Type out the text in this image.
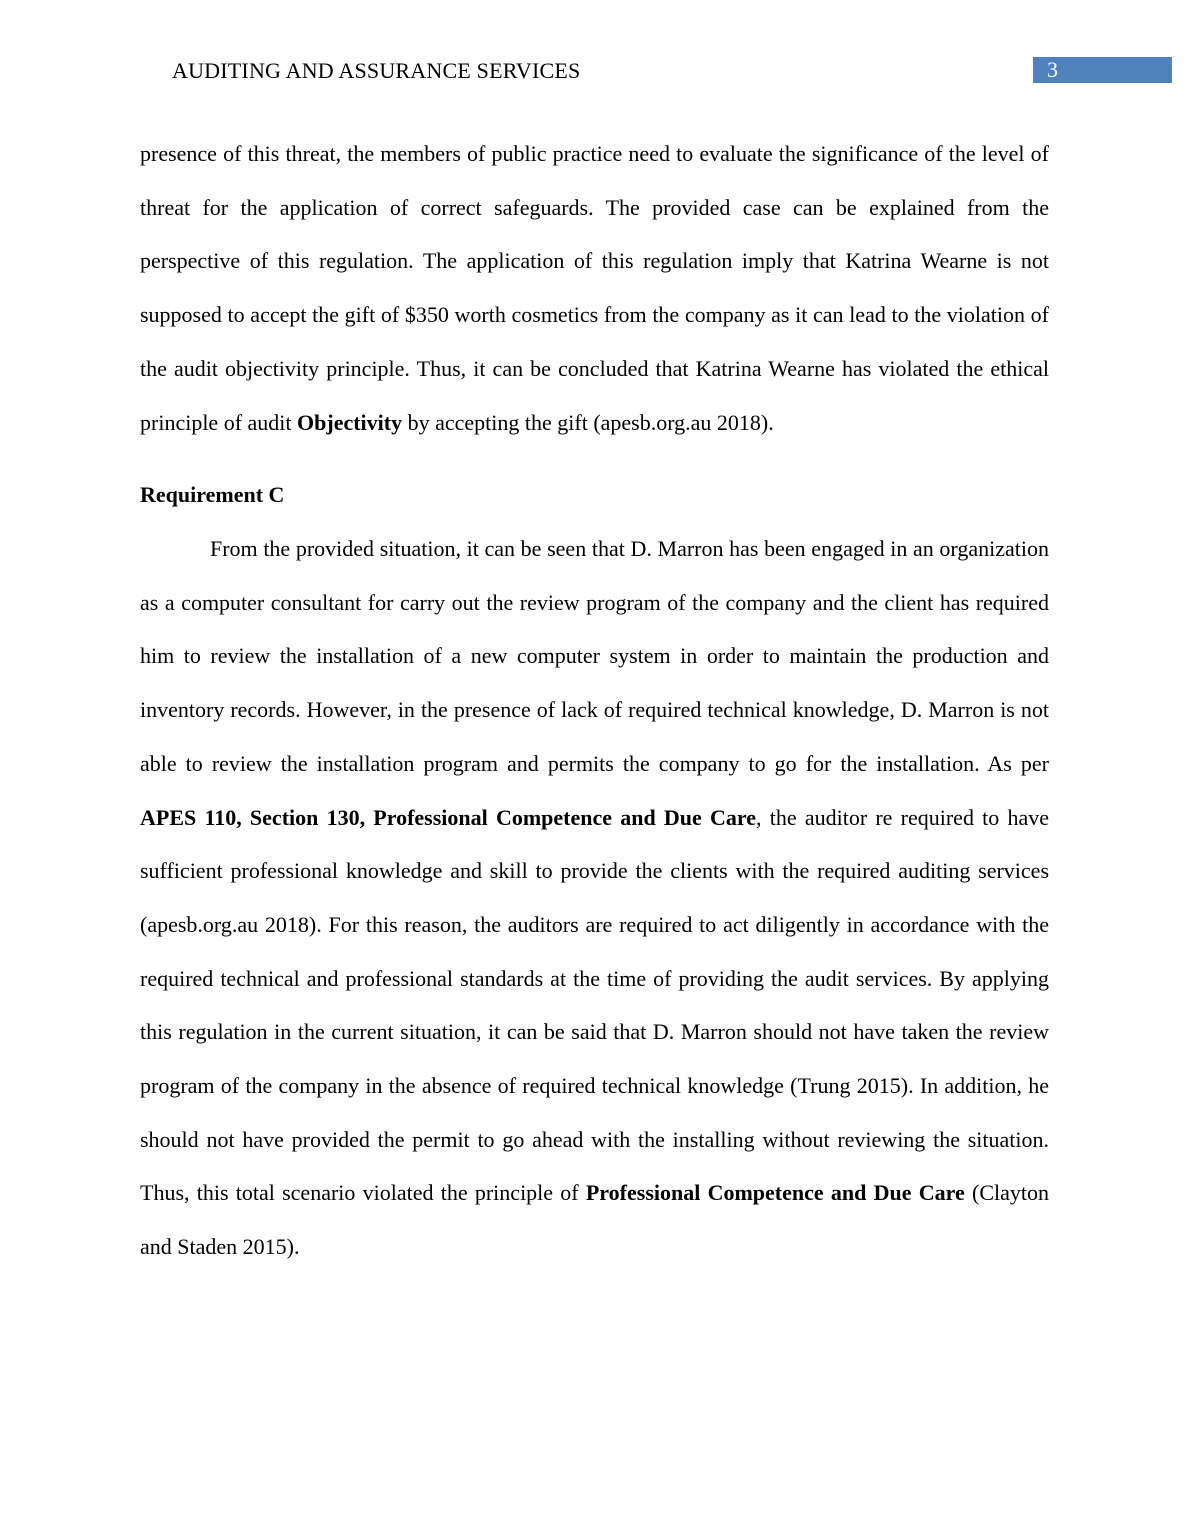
AUDITING AND ASSURANCE SERVICES	3

presence of this threat, the members of public practice need to evaluate the significance of the level of threat for the application of correct safeguards. The provided case can be explained from the perspective of this regulation. The application of this regulation imply that Katrina Wearne is not supposed to accept the gift of $350 worth cosmetics from the company as it can lead to the violation of the audit objectivity principle. Thus, it can be concluded that Katrina Wearne has violated the ethical principle of audit Objectivity by accepting the gift (apesb.org.au 2018).

Requirement C

From the provided situation, it can be seen that D. Marron has been engaged in an organization as a computer consultant for carry out the review program of the company and the client has required him to review the installation of a new computer system in order to maintain the production and inventory records. However, in the presence of lack of required technical knowledge, D. Marron is not able to review the installation program and permits the company to go for the installation. As per APES 110, Section 130, Professional Competence and Due Care, the auditor re required to have sufficient professional knowledge and skill to provide the clients with the required auditing services (apesb.org.au 2018). For this reason, the auditors are required to act diligently in accordance with the required technical and professional standards at the time of providing the audit services. By applying this regulation in the current situation, it can be said that D. Marron should not have taken the review program of the company in the absence of required technical knowledge (Trung 2015). In addition, he should not have provided the permit to go ahead with the installing without reviewing the situation. Thus, this total scenario violated the principle of Professional Competence and Due Care (Clayton and Staden 2015).
